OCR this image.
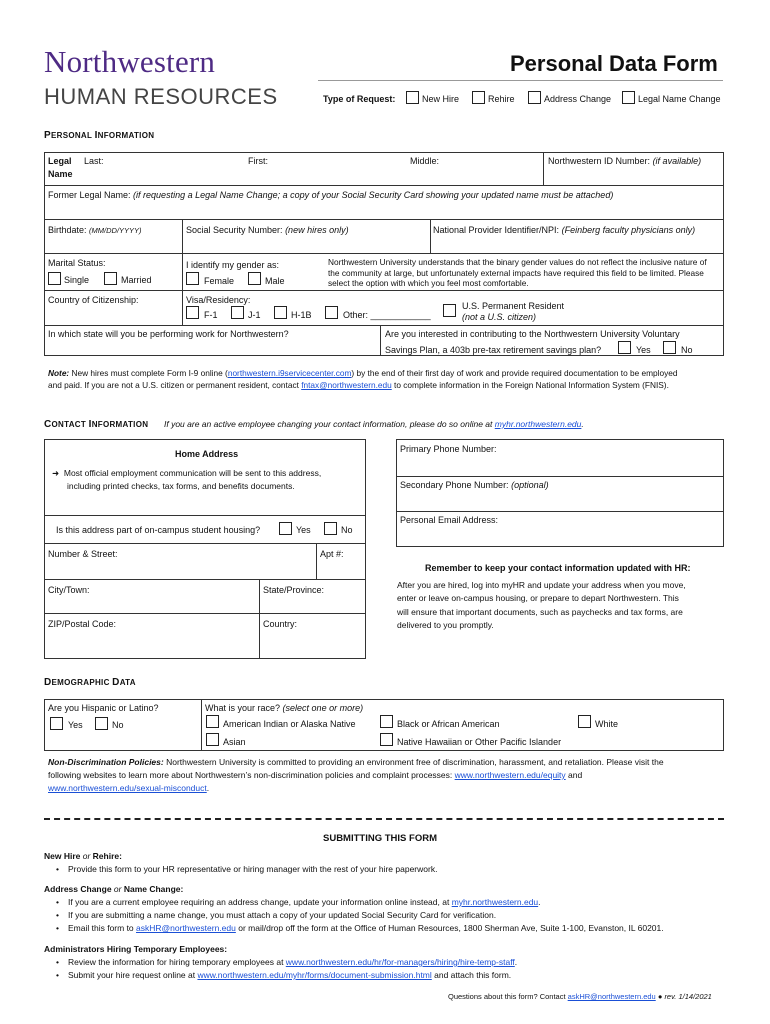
Northwestern
HUMAN RESOURCES
Personal Data Form
Type of Request:	New Hire	Rehire	Address Change	Legal Name Change
PERSONAL INFORMATION
Legal
Name
Last:	First:	Middle:	Northwestern ID Number: (if available)
Former Legal Name: (if requesting a Legal Name Change; a copy of your Social Security Card showing your updated name must be attached)
Birthdate: (MM/DD/YYYY)	Social Security Number: (new hires only)	National Provider Identifier/NPI: (Feinberg faculty physicians only)
Marital Status:
Single	Married
I identify my gender as:
Female	Male
Northwestern University understands that the binary gender values do not reflect the inclusive nature of the community at large, but unfortunately external impacts have required this field to be limited. Please select the option with which you feel most comfortable.
Country of Citizenship:	Visa/Residency:
F-1	J-1	H-1B	Other: ____________
U.S. Permanent Resident
(not a U.S. citizen)
In which state will you be performing work for Northwestern?	Are you interested in contributing to the Northwestern University Voluntary
Savings Plan, a 403b pre-tax retirement savings plan?	Yes	No
Note: New hires must complete Form I-9 online (northwestern.i9servicecenter.com) by the end of their first day of work and provide required documentation to be employed
and paid. If you are not a U.S. citizen or permanent resident, contact fntax@northwestern.edu to complete information in the Foreign National Information System (FNIS).
CONTACT INFORMATION If you are an active employee changing your contact information, please do so online at myhr.northwestern.edu.
Home Address
➜ Most official employment communication will be sent to this address,
including printed checks, tax forms, and benefits documents.
Is this address part of on-campus student housing?	Yes	No
Number & Street:	Apt #:
City/Town:	State/Province:
ZIP/Postal Code:	Country:
Primary Phone Number:
Secondary Phone Number: (optional)
Personal Email Address:
Remember to keep your contact information updated with HR:
After you are hired, log into myHR and update your address when you move,
enter or leave on-campus housing, or prepare to depart Northwestern. This
will ensure that important documents, such as paychecks and tax forms, are
delivered to you promptly.
DEMOGRAPHIC DATA
Are you Hispanic or Latino?
Yes	No
What is your race? (select one or more)
American Indian or Alaska Native	Black or African American	White
Asian	Native Hawaiian or Other Pacific Islander
Non-Discrimination Policies: Northwestern University is committed to providing an environment free of discrimination, harassment, and retaliation. Please visit the
following websites to learn more about Northwestern’s non-discrimination policies and complaint processes: www.northwestern.edu/equity and
www.northwestern.edu/sexual-misconduct.
SUBMITTING THIS FORM
New Hire or Rehire:
• Provide this form to your HR representative or hiring manager with the rest of your hire paperwork.
Address Change or Name Change:
• If you are a current employee requiring an address change, update your information online instead, at myhr.northwestern.edu.
• If you are submitting a name change, you must attach a copy of your updated Social Security Card for verification.
• Email this form to askHR@northwestern.edu or mail/drop off the form at the Office of Human Resources, 1800 Sherman Ave, Suite 1-100, Evanston, IL 60201.
Administrators Hiring Temporary Employees:
• Review the information for hiring temporary employees at www.northwestern.edu/hr/for-managers/hiring/hire-temp-staff.
• Submit your hire request online at www.northwestern.edu/myhr/forms/document-submission.html and attach this form.
Questions about this form? Contact askHR@northwestern.edu ● rev. 1/14/2021
